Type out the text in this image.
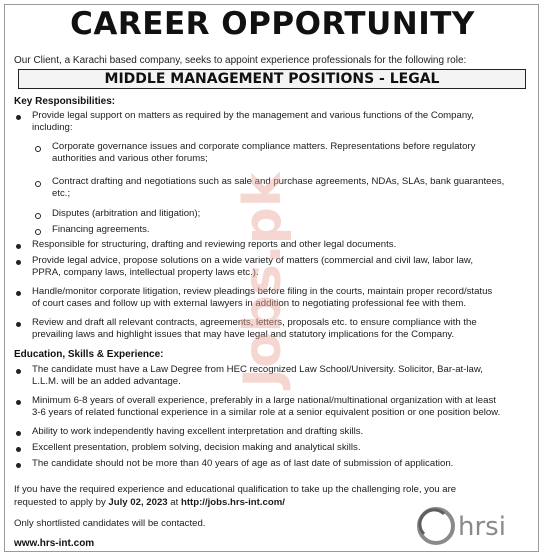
CAREER OPPORTUNITY
Our Client, a Karachi based company, seeks to appoint experience professionals for the following role:
MIDDLE MANAGEMENT POSITIONS - LEGAL
Key Responsibilities:
Provide legal support on matters as required by the management and various functions of the Company,
including:
Corporate governance issues and corporate compliance matters. Representations before regulatory
authorities and various other forums;
Contract drafting and negotiations such as sale and purchase agreements, NDAs, SLAs, bank guarantees,
etc.;
Disputes (arbitration and litigation);
Financing agreements.
Responsible for structuring, drafting and reviewing reports and other legal documents.
Provide legal advice, propose solutions on a wide variety of matters (commercial and civil law, labor law,
PPRA, company laws, intellectual property laws etc.).
Handle/monitor corporate litigation, review pleadings before filing in the courts, maintain proper record/status
of court cases and follow up with external lawyers in addition to negotiating professional fee with them.
Review and draft all relevant contracts, agreements, letters, proposals etc. to ensure compliance with the
prevailing laws and highlight issues that may have legal and statutory implications for the Company.
Education, Skills & Experience:
The candidate must have a Law Degree from HEC recognized Law School/University. Solicitor, Bar-at-law,
L.L.M. will be an added advantage.
Minimum 6-8 years of overall experience, preferably in a large national/multinational organization with at least
3-6 years of related functional experience in a similar role at a senior equivalent position or one position below.
Ability to work independently having excellent interpretation and drafting skills.
Excellent presentation, problem solving, decision making and analytical skills.
The candidate should not be more than 40 years of age as of last date of submission of application.
If you have the required experience and educational qualification to take up the challenging role, you are
requested to apply by July 02, 2023 at http://jobs.hrs-int.com/
Only shortlisted candidates will be contacted.
www.hrs-int.com
hrsi
Jobs.pk
